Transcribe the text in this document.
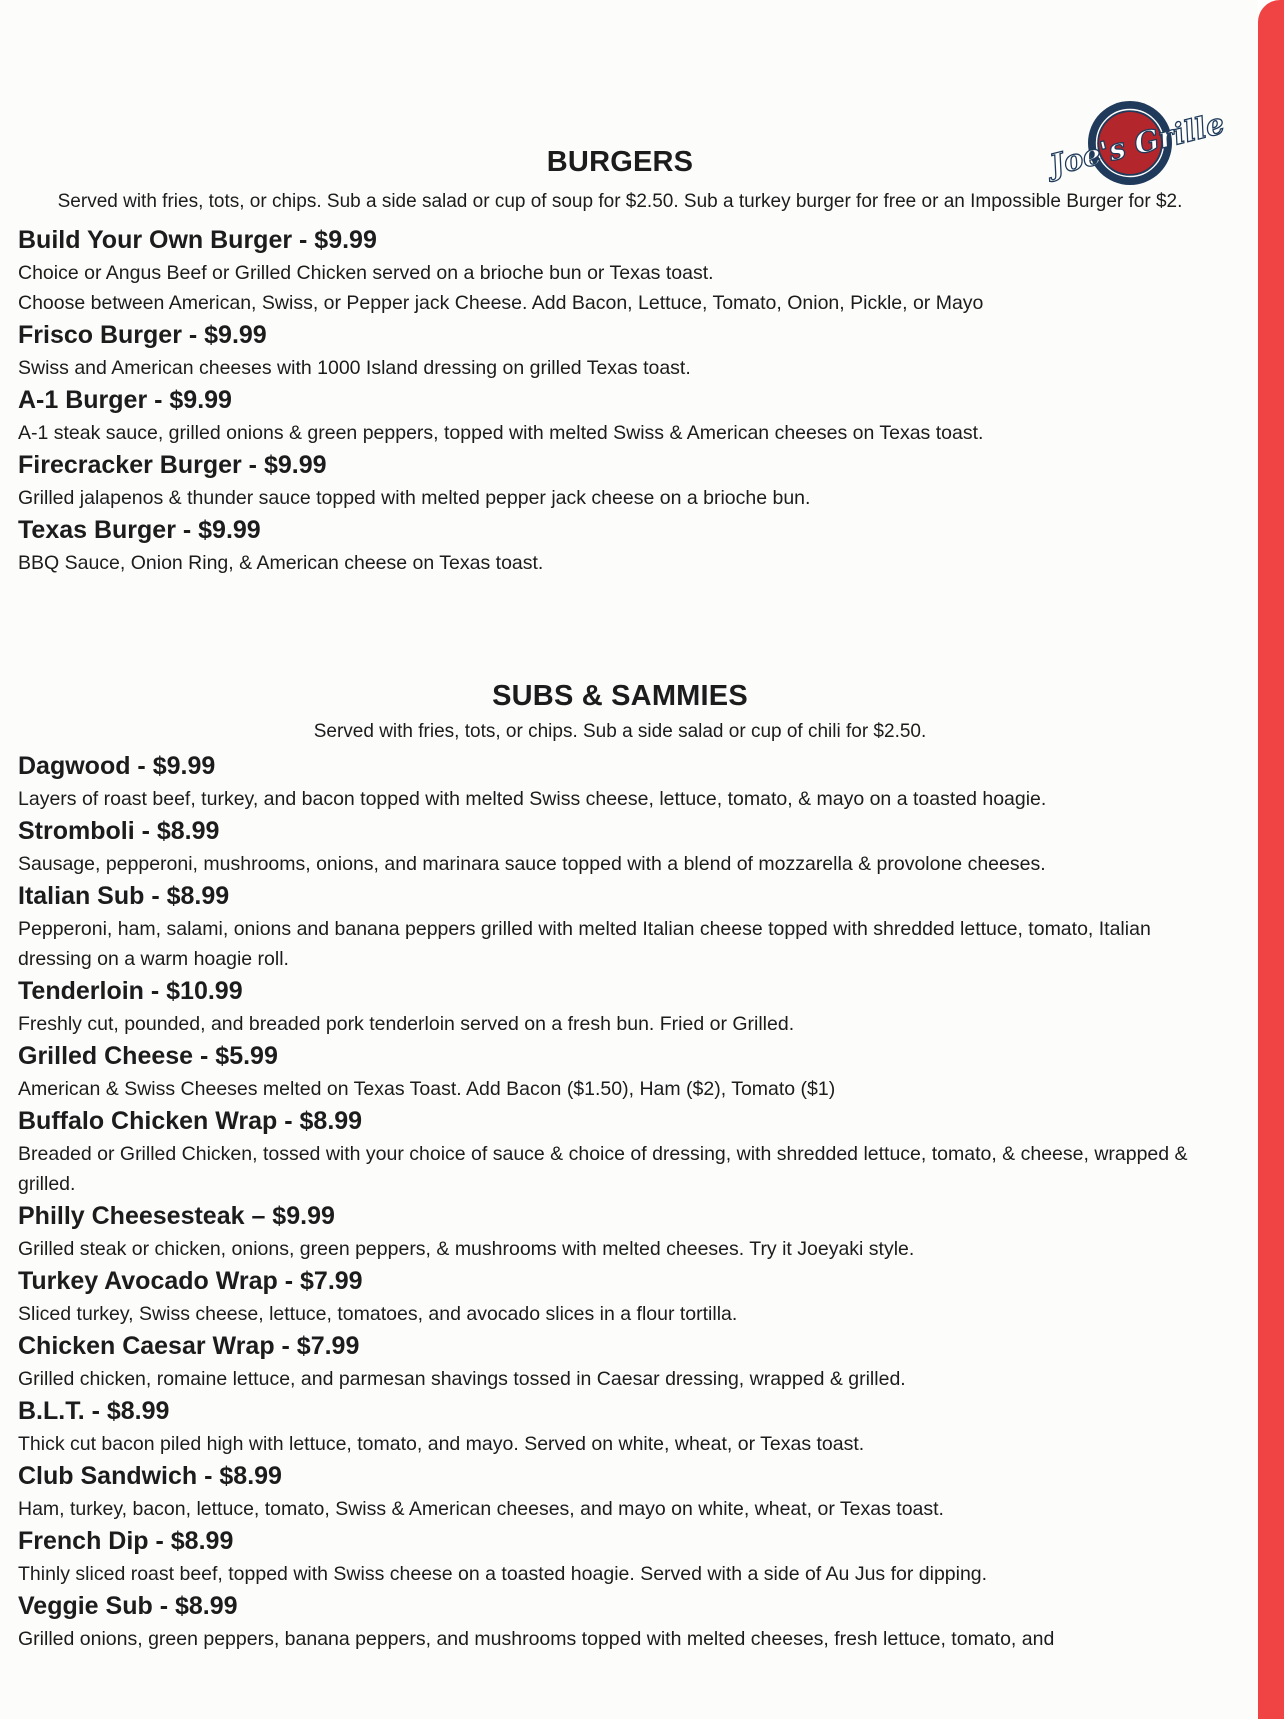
Joe's Grille
BURGERS

Served with fries, tots, or chips. Sub a side salad or cup of soup for $2.50. Sub a turkey burger for free or an Impossible Burger for $2.

Build Your Own Burger - $9.99
Choice or Angus Beef or Grilled Chicken served on a brioche bun or Texas toast.
Choose between American, Swiss, or Pepper jack Cheese. Add Bacon, Lettuce, Tomato, Onion, Pickle, or Mayo
Frisco Burger - $9.99
Swiss and American cheeses with 1000 Island dressing on grilled Texas toast.
A-1 Burger - $9.99
A-1 steak sauce, grilled onions & green peppers, topped with melted Swiss & American cheeses on Texas toast.
Firecracker Burger - $9.99
Grilled jalapenos & thunder sauce topped with melted pepper jack cheese on a brioche bun.
Texas Burger - $9.99
BBQ Sauce, Onion Ring, & American cheese on Texas toast.
SUBS & SAMMIES

Served with fries, tots, or chips. Sub a side salad or cup of chili for $2.50.

Dagwood - $9.99
Layers of roast beef, turkey, and bacon topped with melted Swiss cheese, lettuce, tomato, & mayo on a toasted hoagie.
Stromboli - $8.99
Sausage, pepperoni, mushrooms, onions, and marinara sauce topped with a blend of mozzarella & provolone cheeses.
Italian Sub - $8.99
Pepperoni, ham, salami, onions and banana peppers grilled with melted Italian cheese topped with shredded lettuce, tomato, Italian dressing on a warm hoagie roll.
Tenderloin - $10.99
Freshly cut, pounded, and breaded pork tenderloin served on a fresh bun. Fried or Grilled.
Grilled Cheese - $5.99
American & Swiss Cheeses melted on Texas Toast. Add Bacon ($1.50), Ham ($2), Tomato ($1)
Buffalo Chicken Wrap - $8.99
Breaded or Grilled Chicken, tossed with your choice of sauce & choice of dressing, with shredded lettuce, tomato, & cheese, wrapped & grilled.
Philly Cheesesteak – $9.99
Grilled steak or chicken, onions, green peppers, & mushrooms with melted cheeses. Try it Joeyaki style.
Turkey Avocado Wrap - $7.99
Sliced turkey, Swiss cheese, lettuce, tomatoes, and avocado slices in a flour tortilla.
Chicken Caesar Wrap - $7.99
Grilled chicken, romaine lettuce, and parmesan shavings tossed in Caesar dressing, wrapped & grilled.
B.L.T. - $8.99
Thick cut bacon piled high with lettuce, tomato, and mayo. Served on white, wheat, or Texas toast.
Club Sandwich - $8.99
Ham, turkey, bacon, lettuce, tomato, Swiss & American cheeses, and mayo on white, wheat, or Texas toast.
French Dip - $8.99
Thinly sliced roast beef, topped with Swiss cheese on a toasted hoagie. Served with a side of Au Jus for dipping.
Veggie Sub - $8.99
Grilled onions, green peppers, banana peppers, and mushrooms topped with melted cheeses, fresh lettuce, tomato, and
